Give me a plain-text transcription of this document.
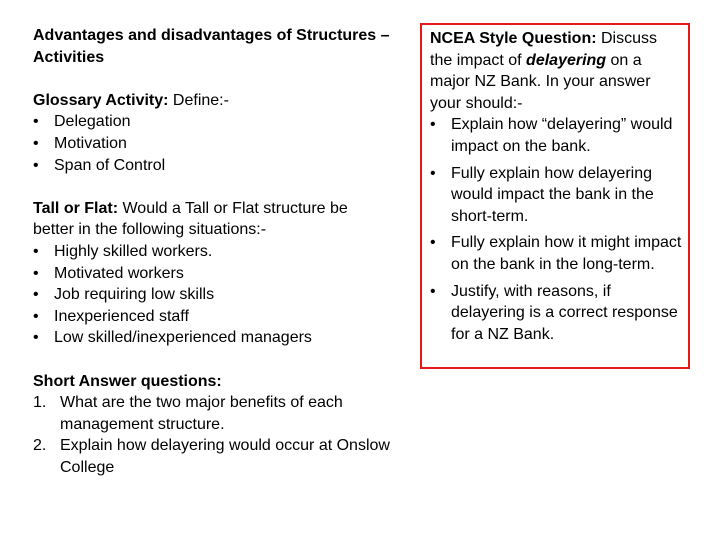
Advantages and disadvantages of Structures – Activities

Glossary Activity: Define:-

• Delegation
• Motivation
• Span of Control

Tall or Flat: Would a Tall or Flat structure be better in the following situations:-

• Highly skilled workers.
• Motivated workers
• Job requiring low skills
• Inexperienced staff
• Low skilled/inexperienced managers

Short Answer questions:

1. What are the two major benefits of each management structure.
2. Explain how delayering would occur at Onslow College

NCEA Style Question: Discuss the impact of delayering on a major NZ Bank. In your answer your should:-

• Explain how “delayering” would impact on the bank.
• Fully explain how delayering would impact the bank in the short-term.
• Fully explain how it might impact on the bank in the long-term.
• Justify, with reasons, if delayering is a correct response for a NZ Bank.
